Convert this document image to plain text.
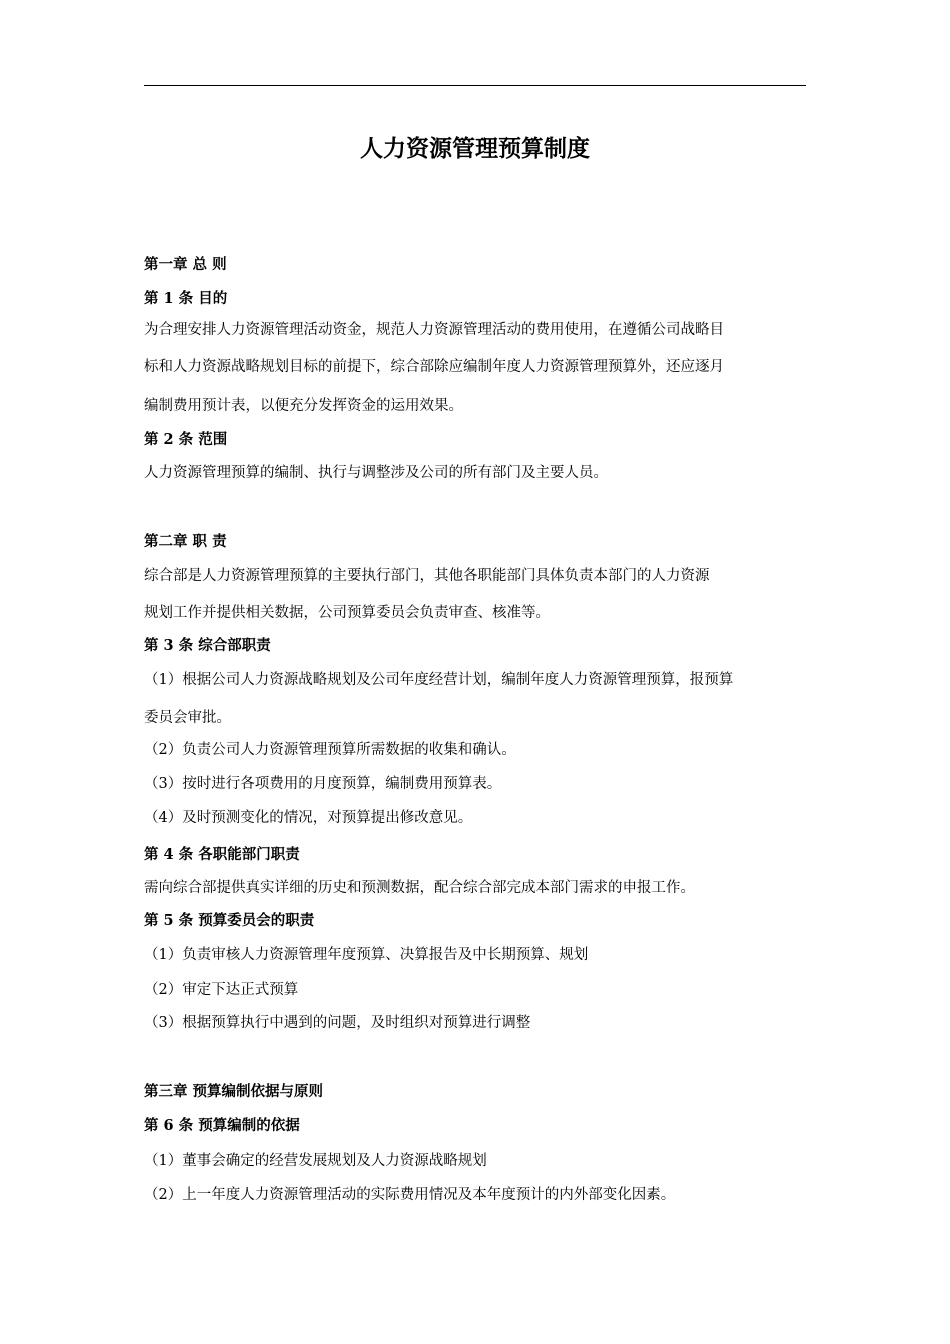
人力资源管理预算制度
第一章 总 则
第 1 条 目的
为合理安排人力资源管理活动资金，规范人力资源管理活动的费用使用，在遵循公司战略目
标和人力资源战略规划目标的前提下，综合部除应编制年度人力资源管理预算外，还应逐月
编制费用预计表，以便充分发挥资金的运用效果。
第 2 条 范围
人力资源管理预算的编制、执行与调整涉及公司的所有部门及主要人员。
第二章 职 责
综合部是人力资源管理预算的主要执行部门，其他各职能部门具体负责本部门的人力资源
规划工作并提供相关数据，公司预算委员会负责审查、核准等。
第 3 条 综合部职责
（1）根据公司人力资源战略规划及公司年度经营计划，编制年度人力资源管理预算，报预算
委员会审批。
（2）负责公司人力资源管理预算所需数据的收集和确认。
（3）按时进行各项费用的月度预算，编制费用预算表。
（4）及时预测变化的情况，对预算提出修改意见。
第 4 条 各职能部门职责
需向综合部提供真实详细的历史和预测数据，配合综合部完成本部门需求的申报工作。
第 5 条 预算委员会的职责
（1）负责审核人力资源管理年度预算、决算报告及中长期预算、规划
（2）审定下达正式预算
（3）根据预算执行中遇到的问题，及时组织对预算进行调整
第三章 预算编制依据与原则
第 6 条 预算编制的依据
（1）董事会确定的经营发展规划及人力资源战略规划
（2）上一年度人力资源管理活动的实际费用情况及本年度预计的内外部变化因素。
